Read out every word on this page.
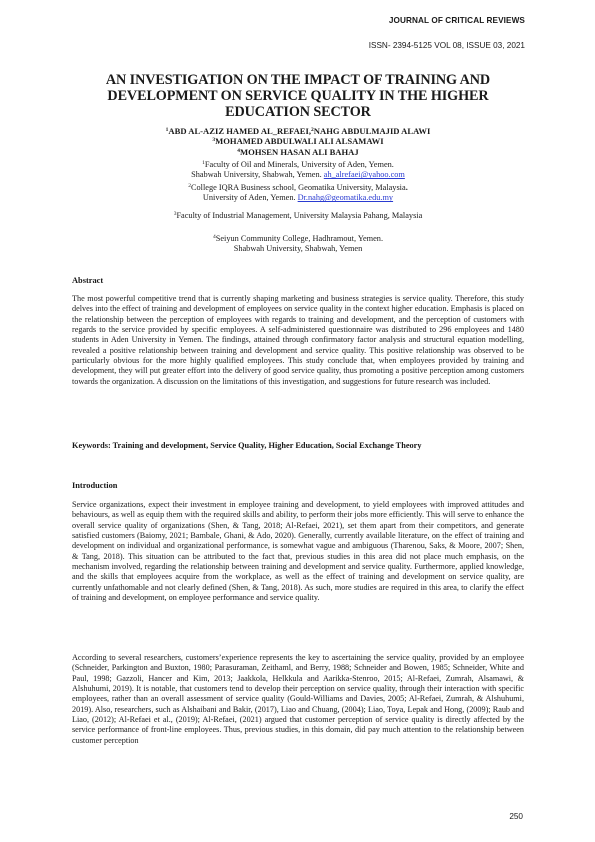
JOURNAL OF CRITICAL REVIEWS
ISSN- 2394-5125 VOL 08, ISSUE 03, 2021
AN INVESTIGATION ON THE IMPACT OF TRAINING AND DEVELOPMENT ON SERVICE QUALITY IN THE HIGHER EDUCATION SECTOR
$^1$ABD AL-AZIZ HAMED AL_REFAEI,$^2$NAHG ABDULMAJID ALAWI
$^3$MOHAMED ABDULWALI ALI ALSAMAWI
$^4$MOHSEN HASAN ALI BAHAJ
$^1$Faculty of Oil and Minerals, University of Aden, Yemen.
Shabwah University, Shabwah, Yemen. ah_alrefaei@yahoo.com
$^2$College IQRA Business school, Geomatika University, Malaysia.
University of Aden, Yemen. Dr.nahg@geomatika.edu.my
$^3$Faculty of Industrial Management, University Malaysia Pahang, Malaysia
$^4$Seiyun Community College, Hadhramout, Yemen.
Shabwah University, Shabwah, Yemen
Abstract

The most powerful competitive trend that is currently shaping marketing and business strategies is service quality. Therefore, this study delves into the effect of training and development of employees on service quality in the context higher education. Emphasis is placed on the relationship between the perception of employees with regards to training and development, and the perception of customers with regards to the service provided by specific employees. A self-administered questionnaire was distributed to 296 employees and 1480 students in Aden University in Yemen. The findings, attained through confirmatory factor analysis and structural equation modelling, revealed a positive relationship between training and development and service quality. This positive relationship was observed to be particularly obvious for the more highly qualified employees. This study conclude that, when employees provided by training and development, they will put greater effort into the delivery of good service quality, thus promoting a positive perception among customers towards the organization. A discussion on the limitations of this investigation, and suggestions for future research was included.

Keywords: Training and development, Service Quality, Higher Education, Social Exchange Theory
Introduction

Service organizations, expect their investment in employee training and development, to yield employees with improved attitudes and behaviours, as well as equip them with the required skills and ability, to perform their jobs more efficiently. This will serve to enhance the overall service quality of organizations (Shen, & Tang, 2018; Al-Refaei, 2021), set them apart from their competitors, and generate satisfied customers (Baiomy, 2021; Bambale, Ghani, & Ado, 2020). Generally, currently available literature, on the effect of training and development on individual and organizational performance, is somewhat vague and ambiguous (Tharenou, Saks, & Moore, 2007; Shen, & Tang, 2018). This situation can be attributed to the fact that, previous studies in this area did not place much emphasis, on the mechanism involved, regarding the relationship between training and development and service quality. Furthermore, applied knowledge, and the skills that employees acquire from the workplace, as well as the effect of training and development on service quality, are currently unfathomable and not clearly defined (Shen, & Tang, 2018). As such, more studies are required in this area, to clarify the effect of training and development, on employee performance and service quality.

According to several researchers, customers’experience represents the key to ascertaining the service quality, provided by an employee (Schneider, Parkington and Buxton, 1980; Parasuraman, Zeithaml, and Berry, 1988; Schneider and Bowen, 1985; Schneider, White and Paul, 1998; Gazzoli, Hancer and Kim, 2013; Jaakkola, Helkkula and Aarikka-Stenroo, 2015; Al-Refaei, Zumrah, Alsamawi, & Alshuhumi, 2019). It is notable, that customers tend to develop their perception on service quality, through their interaction with specific employees, rather than an overall assessment of service quality (Gould-Williams and Davies, 2005; Al-Refaei, Zumrah, & Alshuhumi, 2019). Also, researchers, such as Alshaibani and Bakir, (2017), Liao and Chuang, (2004); Liao, Toya, Lepak and Hong, (2009); Raub and Liao, (2012); Al-Refaei et al., (2019); Al-Refaei, (2021) argued that customer perception of service quality is directly affected by the service performance of front-line employees. Thus, previous studies, in this domain, did pay much attention to the relationship between customer perception

250
